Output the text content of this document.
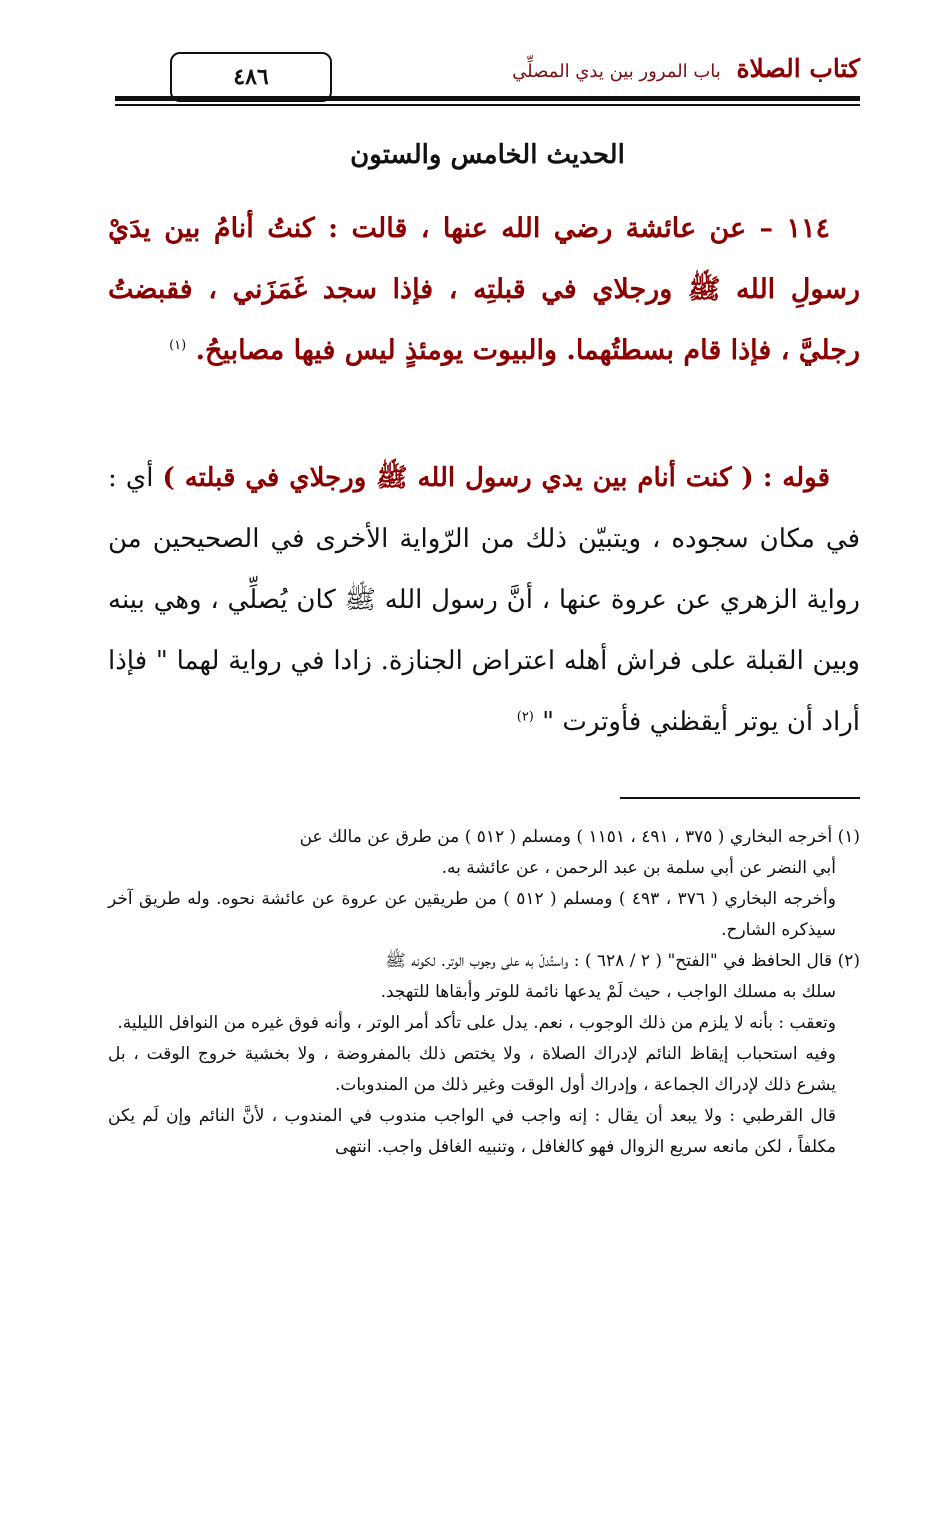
كتاب الصلاة باب المرور بين يدي المصلِّي
٤٨٦
الحديث الخامس والستون
١١٤ – عن عائشة رضي الله عنها ، قالت : كنتُ أنامُ بين يدَيْ رسولِ الله ﷺ ورجلاي في قبلتِه ، فإذا سجد غَمَزَني ، فقبضتُ رجليَّ ، فإذا قام بسطتُهما. والبيوت يومئذٍ ليس فيها مصابيحُ. $^{(١)}$
قوله : ( كنت أنام بين يدي رسول الله ﷺ ورجلاي في قبلته ) أي : في مكان سجوده ، ويتبيّن ذلك من الرّواية الأخرى في الصحيحين من رواية الزهري عن عروة عنها ، أنَّ رسول الله ﷺ كان يُصلِّي ، وهي بينه وبين القبلة على فراش أهله اعتراض الجنازة. زادا في رواية لهما " فإذا أراد أن يوتر أيقظني فأوترت " $^{(٢)}$
(١) أخرجه البخاري ( ٣٧٥ ، ٤٩١ ، ١١٥١ ) ومسلم ( ٥١٢ ) من طرق عن مالك عن
أبي النضر عن أبي سلمة بن عبد الرحمن ، عن عائشة به.
وأخرجه البخاري ( ٣٧٦ ، ٤٩٣ ) ومسلم ( ٥١٢ ) من طريقين عن عروة عن عائشة نحوه. وله طريق آخر سيذكره الشارح.
(٢) قال الحافظ في "الفتح" ( ٢ / ٦٢٨ ) : واستُدلّ به على وجوب الوتر. لكونه ﷺ
سلك به مسلك الواجب ، حيث لَمْ يدعها نائمة للوتر وأبقاها للتهجد.
وتعقب : بأنه لا يلزم من ذلك الوجوب ، نعم. يدل على تأكد أمر الوتر ، وأنه فوق غيره من النوافل الليلية.
وفيه استحباب إيقاظ النائم لإدراك الصلاة ، ولا يختص ذلك بالمفروضة ، ولا بخشية خروج الوقت ، بل يشرع ذلك لإدراك الجماعة ، وإدراك أول الوقت وغير ذلك من المندوبات.
قال القرطبي : ولا يبعد أن يقال : إنه واجب في الواجب مندوب في المندوب ، لأنَّ النائم وإن لَم يكن مكلفاً ، لكن مانعه سريع الزوال فهو كالغافل ، وتنبيه الغافل واجب. انتهى
